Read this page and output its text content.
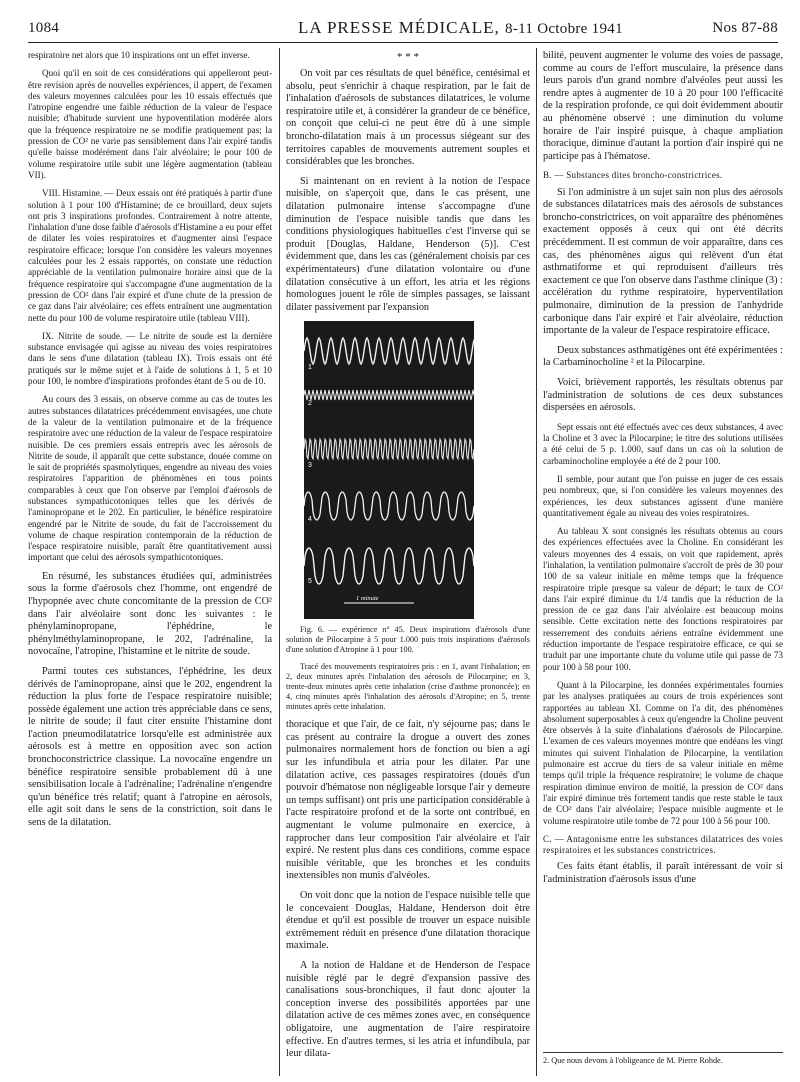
1084	LA PRESSE MÉDICALE, 8-11 Octobre 1941	Nos 87-88

respiratoire net alors que 10 inspirations ont un effet inverse.

Quoi qu'il en soit de ces considérations qui appelleront peut-être revision après de nouvelles expériences, il appert, de l'examen des valeurs moyennes calculées pour les 10 essais effectués que l'atropine engendre une faible réduction de la valeur de l'espace nuisible; d'habitude survient une hypoventilation modérée alors que la fréquence respiratoire ne se modifie pratiquement pas; la pression de CO² ne varie pas sensiblement dans l'air expiré tandis qu'elle baisse modérément dans l'air alvéolaire; le pour 100 de volume respiratoire utile subit une légère augmentation (tableau VII).

VIII. Histamine. — Deux essais ont été pratiqués à partir d'une solution à 1 pour 100 d'Histamine; de ce brouillard, deux sujets ont pris 3 inspirations profondes. Contrairement à notre attente, l'inhalation d'une dose faible d'aérosols d'Histamine a eu pour effet de dilater les voies respiratoires et d'augmenter ainsi l'espace respiratoire efficace; lorsque l'on considère les valeurs moyennes calculées pour les 2 essais rapportés, on constate une réduction appréciable de la ventilation pulmonaire horaire ainsi que de la fréquence respiratoire qui s'accompagne d'une augmentation de la pression de CO² dans l'air expiré et d'une chute de la pression de ce gaz dans l'air alvéolaire; ces effets entraînent une augmentation nette du pour 100 de volume respiratoire utile (tableau VIII).

IX. Nitrite de soude. — Le nitrite de soude est la dernière substance envisagée qui agisse au niveau des voies respiratoires dans le sens d'une dilatation (tableau IX). Trois essais ont été pratiqués sur le même sujet et à l'aide de solutions à 1, 5 et 10 pour 100, le nombre d'inspirations profondes étant de 5 ou de 10.

Au cours des 3 essais, on observe comme au cas de toutes les autres substances dilatatrices précédemment envisagées, une chute de la valeur de la ventilation pulmonaire et de la fréquence respiratoire avec une réduction de la valeur de l'espace respiratoire nuisible. De ces premiers essais entrepris avec les aérosols de Nitrite de soude, il apparaît que cette substance, douée comme on le sait de propriétés spasmolytiques, engendre au niveau des voies respiratoires l'apparition de phénomènes en tous points comparables à ceux que l'on observe par l'emploi d'aérosols de substances sympathicotoniques telles que les dérivés de l'aminopropane et le 202. En particulier, le bénéfice respiratoire engendré par le Nitrite de soude, du fait de l'accroissement du volume de chaque respiration contemporain de la réduction de l'espace respiratoire nuisible, paraît être quantitativement aussi important que celui des aérosols sympathicotoniques.

En résumé, les substances étudiées qui, administrées sous la forme d'aérosols chez l'homme, ont engendré de l'hypopnée avec chute concomitante de la pression de CO² dans l'air alvéolaire sont donc les suivantes : le phénylaminopropane, l'éphédrine, le phénylméthylaminopropane, le 202, l'adrénaline, la novocaïne, l'atropine, l'histamine et le nitrite de soude.

Parmi toutes ces substances, l'éphédrine, les deux dérivés de l'aminopropane, ainsi que le 202, engendrent la réduction la plus forte de l'espace respiratoire nuisible; possède également une action très appréciable dans ce sens, le nitrite de soude; il faut citer ensuite l'histamine dont l'action pneumodilatatrice lorsqu'elle est administrée aux aérosols est à mettre en opposition avec son action bronchoconstrictrice classique. La novocaïne engendre un bénéfice respiratoire sensible probablement dû à une sensibilisation locale à l'adrénaline; l'adrénaline n'engendre qu'un bénéfice très relatif; quant à l'atropine en aérosols, elle agit soit dans le sens de la constriction, soit dans le sens de la dilatation.

* * *

On voit par ces résultats de quel bénéfice, centésimal et absolu, peut s'enrichir à chaque respiration, par le fait de l'inhalation d'aérosols de substances dilatatrices, le volume respiratoire utile et, à considérer la grandeur de ce bénéfice, on conçoit que celui-ci ne peut être dû à une simple broncho-dilatation mais à un processus siégeant sur des territoires capables de mouvements autrement souples et considérables que les bronches.

Si maintenant on en revient à la notion de l'espace nuisible, on s'aperçoit que, dans le cas présent, une dilatation pulmonaire intense s'accompagne d'une diminution de l'espace nuisible tandis que dans les conditions physiologiques habituelles c'est l'inverse qui se produit [Douglas, Haldane, Henderson (5)]. C'est évidemment que, dans les cas (généralement choisis par ces expérimentateurs) d'une dilatation volontaire ou d'une dilatation consécutive à un effort, les atria et les régions homologues jouent le rôle de simples passages, se laissant dilater passivement par l'expansion

1
2
3
4
5
1 minute

Fig. 6. — expérience n° 45. Deux inspirations d'aérosols d'une solution de Pilocarpine à 5 pour 1.000 puis trois inspirations d'aérosols d'une solution d'Atropine à 1 pour 100.

Tracé des mouvements respiratoires pris : en 1, avant l'inhalation; en 2, deux minutes après l'inhalation des aérosols de Pilocarpine; en 3, trente-deux minutes après cette inhalation (crise d'asthme prononcée); en 4, cinq minutes après l'inhalation des aérosols d'Atropine; en 5, trente minutes après cette inhalation.

thoracique et que l'air, de ce fait, n'y séjourne pas; dans le cas présent au contraire la drogue a ouvert des zones pulmonaires normalement hors de fonction ou bien a agi sur les infundibula et atria pour les dilater. Par une dilatation active, ces passages respiratoires (doués d'un pouvoir d'hématose non négligeable lorsque l'air y demeure un temps suffisant) ont pris une participation considérable à l'acte respiratoire profond et de la sorte ont contribué, en augmentant le volume pulmonaire en exercice, à rapprocher dans leur composition l'air alvéolaire et l'air expiré. Ne restent plus dans ces conditions, comme espace nuisible véritable, que les bronches et les conduits inextensibles non munis d'alvéoles.

On voit donc que la notion de l'espace nuisible telle que le concevaient Douglas, Haldane, Henderson doit être étendue et qu'il est possible de trouver un espace nuisible extrêmement réduit en présence d'une dilatation thoracique maximale.

A la notion de Haldane et de Henderson de l'espace nuisible réglé par le degré d'expansion passive des canalisations sous-bronchiques, il faut donc ajouter la conception inverse des possibilités apportées par une dilatation active de ces mêmes zones avec, en conséquence obligatoire, une augmentation de l'aire respiratoire effective. En d'autres termes, si les atria et infundibula, par leur dilata-

bilité, peuvent augmenter le volume des voies de passage, comme au cours de l'effort musculaire, la présence dans leurs parois d'un grand nombre d'alvéoles peut aussi les rendre aptes à augmenter de 10 à 20 pour 100 l'efficacité de la respiration profonde, ce qui doit évidemment aboutir au phénomène observé : une diminution du volume horaire de l'air inspiré puisque, à chaque ampliation thoracique, diminue d'autant la portion d'air inspiré qui ne participe pas à l'hématose.

B. — Substances dites broncho-constrictrices.

Si l'on administre à un sujet sain non plus des aérosols de substances dilatatrices mais des aérosols de substances broncho-constrictrices, on voit apparaître des phénomènes exactement opposés à ceux qui ont été décrits précédemment. Il est commun de voir apparaître, dans ces cas, des phénomènes aigus qui relèvent d'un état asthmatiforme et qui reproduisent d'ailleurs très exactement ce que l'on observe dans l'asthme clinique (3) : accélération du rythme respiratoire, hyperventilation pulmonaire, diminution de la pression de l'anhydride carbonique dans l'air expiré et l'air alvéolaire, réduction importante de la valeur de l'espace respiratoire efficace.

Deux substances asthmatigènes ont été expérimentées : la Carbaminocholine ² et la Pilocarpine.

Voici, brièvement rapportés, les résultats obtenus par l'administration de solutions de ces deux substances dispersées en aérosols.

Sept essais ont été effectués avec ces deux substances, 4 avec la Choline et 3 avec la Pilocarpine; le titre des solutions utilisées a été celui de 5 p. 1.000, sauf dans un cas où la solution de carbaminocholine employée a été de 2 pour 100.

Il semble, pour autant que l'on puisse en juger de ces essais peu nombreux, que, si l'on considère les valeurs moyennes des expériences, les deux substances agissent d'une manière quantitativement égale au niveau des voies respiratoires.

Au tableau X sont consignés les résultats obtenus au cours des expériences effectuées avec la Choline. En considérant les valeurs moyennes des 4 essais, on voit que rapidement, après l'inhalation, la ventilation pulmonaire s'accroît de près de 30 pour 100 de sa valeur initiale en même temps que la fréquence respiratoire triple presque sa valeur de départ; le taux de CO² dans l'air expiré diminue du 1/4 tandis que la réduction de la pression de ce gaz dans l'air alvéolaire est beaucoup moins sensible. Cette excitation nette des fonctions respiratoires par resserrement des conduits aériens entraîne évidemment une réduction importante de l'espace respiratoire efficace, ce qui se traduit par une importante chute du volume utile qui passe de 73 pour 100 à 58 pour 100.

Quant à la Pilocarpine, les données expérimentales fournies par les analyses pratiquées au cours de trois expériences sont rapportées au tableau XI. Comme on l'a dit, des phénomènes absolument superposables à ceux qu'engendre la Choline peuvent être observés à la suite d'inhalations d'aérosols de Pilocarpine. L'examen de ces valeurs moyennes montre que endéans les vingt minutes qui suivent l'inhalation de Pilocarpine, la ventilation pulmonaire est accrue du tiers de sa valeur initiale en même temps qu'il triple la fréquence respiratoire; le volume de chaque respiration diminue environ de moitié, la pression de CO² dans l'air expiré diminue très fortement tandis que reste stable le taux de CO² dans l'air alvéolaire; l'espace nuisible augmente et le volume respiratoire utile tombe de 72 pour 100 à 56 pour 100.

C. — Antagonisme entre les substances dilatatrices des voies respiratoires et les substances constrictrices.

Ces faits étant établis, il paraît intéressant de voir si l'administration d'aérosols issus d'une

2. Que nous devons à l'obligeance de M. Pierre Rohde.
